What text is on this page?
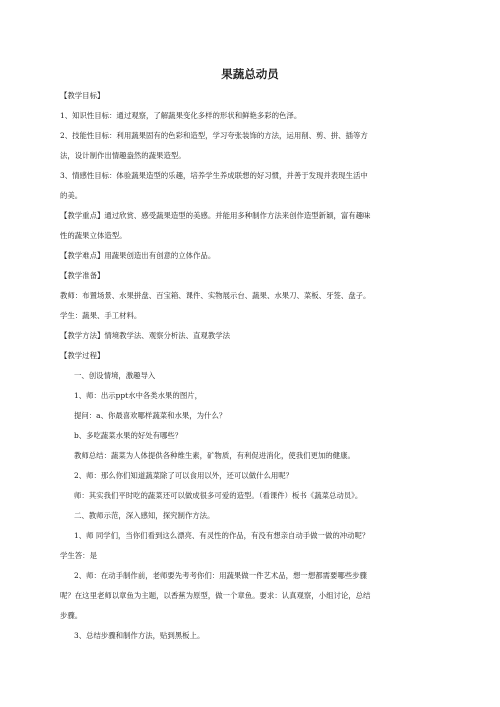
果蔬总动员
【教学目标】
1、知识性目标：通过观察，了解蔬果变化多样的形状和鲜艳多彩的色泽。
2、技能性目标：利用蔬果固有的色彩和造型，学习夸张装饰的方法，运用削、剪、拼、插等方
法，设计制作出情趣盎然的蔬果造型。
3、情感性目标：体验蔬果造型的乐趣，培养学生养成联想的好习惯，并善于发现并表现生活中
的美。
【教学重点】通过欣赏、感受蔬果造型的美感。并能用多种制作方法来创作造型新颖，富有趣味
性的蔬果立体造型。
【教学难点】用蔬果创造出有创意的立体作品。
【教学准备】
教师：布置场景、水果拼盘、百宝箱、课件、实物展示台、蔬果、水果刀、菜板、牙签、盘子。
学生：蔬果、手工材料。
【教学方法】情境教学法、观察分析法、直观教学法
【教学过程】
一、创设情境，激趣导入
1、师：出示ppt水中各类水果的图片，
提问：a、你最喜欢哪样蔬菜和水果，为什么？
b、多吃蔬菜水果的好处有哪些？
教师总结：蔬菜为人体提供各种维生素，矿物质，有利促进消化，使我们更加的健康。
2、师：那么你们知道蔬菜除了可以食用以外，还可以做什么用呢？
师：其实我们平时吃的蔬菜还可以做成很多可爱的造型。（看课件）板书《蔬菜总动员》。
二、教师示范，深入感知，探究制作方法。
1、师 同学们，当你们看到这么漂亮、有灵性的作品，有没有想亲自动手做一做的冲动呢？
学生答：是
2、师：在动手制作前，老师要先考考你们：用蔬果做一件艺术品，想一想都需要哪些步骤
呢？在这里老师以章鱼为主题，以香蕉为原型，做一个章鱼。要求：认真观察，小组讨论，总结
步骤。
3、总结步骤和制作方法，贴到黑板上。
